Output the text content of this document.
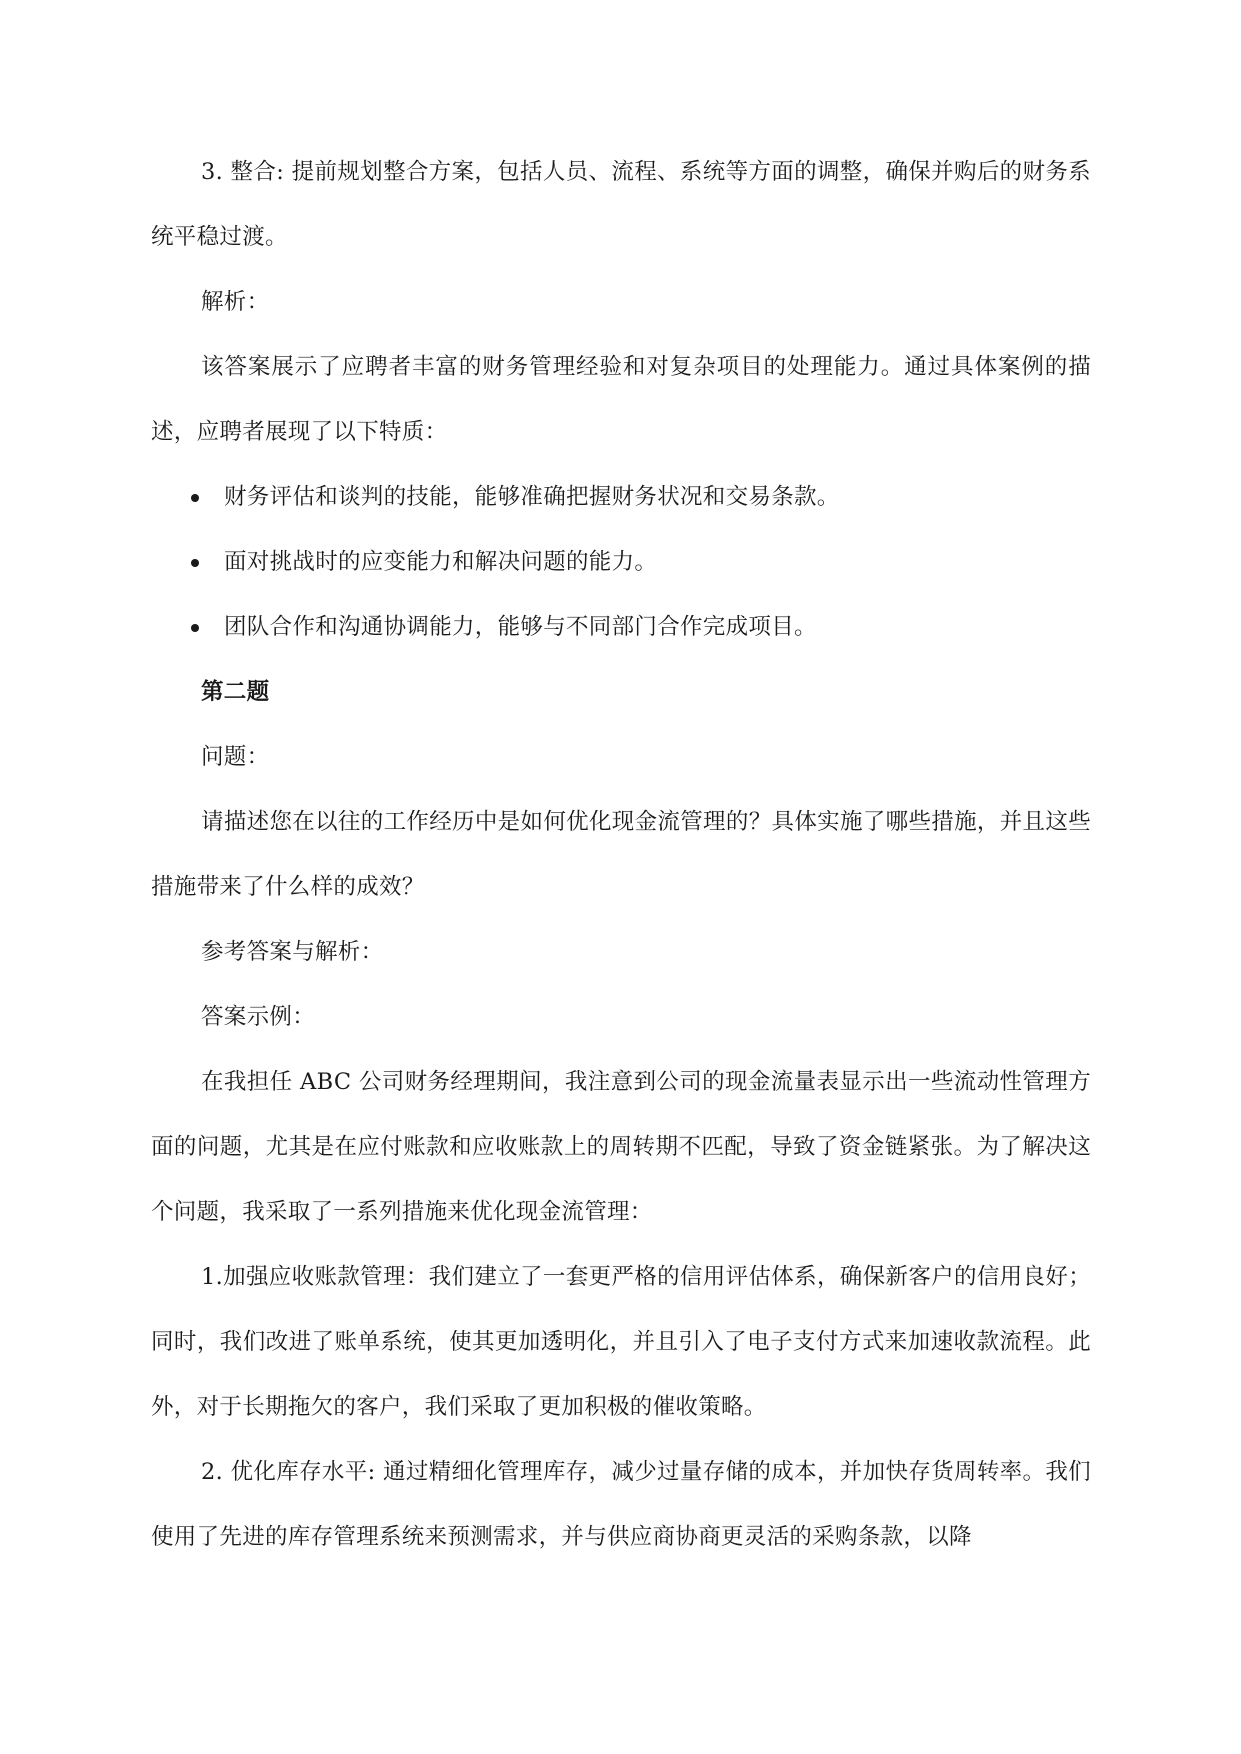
3. 整合: 提前规划整合方案，包括人员、流程、系统等方面的调整，确保并购后的财务系统平稳过渡。

解析：

该答案展示了应聘者丰富的财务管理经验和对复杂项目的处理能力。通过具体案例的描述，应聘者展现了以下特质：

财务评估和谈判的技能，能够准确把握财务状况和交易条款。
面对挑战时的应变能力和解决问题的能力。
团队合作和沟通协调能力，能够与不同部门合作完成项目。

第二题

问题：

请描述您在以往的工作经历中是如何优化现金流管理的？具体实施了哪些措施，并且这些措施带来了什么样的成效？

参考答案与解析：

答案示例：

在我担任 ABC 公司财务经理期间，我注意到公司的现金流量表显示出一些流动性管理方面的问题，尤其是在应付账款和应收账款上的周转期不匹配，导致了资金链紧张。为了解决这个问题，我采取了一系列措施来优化现金流管理：

1.加强应收账款管理：我们建立了一套更严格的信用评估体系，确保新客户的信用良好；同时，我们改进了账单系统，使其更加透明化，并且引入了电子支付方式来加速收款流程。此外，对于长期拖欠的客户，我们采取了更加积极的催收策略。

2. 优化库存水平: 通过精细化管理库存，减少过量存储的成本，并加快存货周转率。我们使用了先进的库存管理系统来预测需求，并与供应商协商更灵活的采购条款，以降
